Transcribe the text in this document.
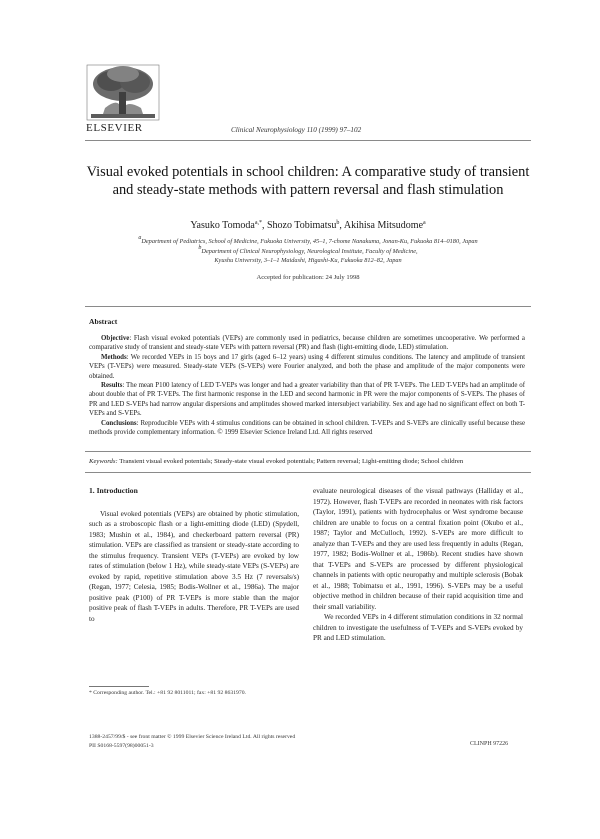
ELSEVIER	Clinical Neurophysiology 110 (1999) 97–102
Visual evoked potentials in school children: A comparative study of transient and steady-state methods with pattern reversal and flash stimulation
Yasuko Tomoda$^{a,*}$, Shozo Tobimatsu$^b$, Akihisa Mitsudome$^a$
$^a$Department of Pediatrics, School of Medicine, Fukuoka University, 45–1, 7-chome Nanakuma, Jonan-Ku, Fukuoka 814–0180, Japan
$^b$Department of Clinical Neurophysiology, Neurological Institute, Faculty of Medicine,
Kyushu University, 3–1–1 Maidashi, Higashi-Ku, Fukuoka 812–82, Japan
Accepted for publication: 24 July 1998
Abstract

Objective: Flash visual evoked potentials (VEPs) are commonly used in pediatrics, because children are sometimes uncooperative. We performed a comparative study of transient and steady-state VEPs with pattern reversal (PR) and flash (light-emitting diode, LED) stimulation.

Methods: We recorded VEPs in 15 boys and 17 girls (aged 6–12 years) using 4 different stimulus conditions. The latency and amplitude of transient VEPs (T-VEPs) were measured. Steady-state VEPs (S-VEPs) were Fourier analyzed, and both the phase and amplitude of the major components were obtained.

Results: The mean P100 latency of LED T-VEPs was longer and had a greater variability than that of PR T-VEPs. The LED T-VEPs had an amplitude of about double that of PR T-VEPs. The first harmonic response in the LED and second harmonic in PR were the major components of S-VEPs. The phases of PR and LED S-VEPs had narrow angular dispersions and amplitudes showed marked intersubject variability. Sex and age had no significant effect on both T-VEPs and S-VEPs.

Conclusions: Reproducible VEPs with 4 stimulus conditions can be obtained in school children. T-VEPs and S-VEPs are clinically useful because these methods provide complementary information. © 1999 Elsevier Science Ireland Ltd. All rights reserved

Keywords: Transient visual evoked potentials; Steady-state visual evoked potentials; Pattern reversal; Light-emitting diode; School children

1. Introduction

Visual evoked potentials (VEPs) are obtained by photic stimulation, such as a stroboscopic flash or a light-emitting diode (LED) (Spydell, 1983; Mushin et al., 1984), and checkerboard pattern reversal (PR) stimulation. VEPs are classified as transient or steady-state according to the stimulus frequency. Transient VEPs (T-VEPs) are evoked by low rates of stimulation (below 1 Hz), while steady-state VEPs (S-VEPs) are evoked by rapid, repetitive stimulation above 3.5 Hz (7 reversals/s) (Regan, 1977; Celesia, 1985; Bodis-Wollner et al., 1986a). The major positive peak (P100) of PR T-VEPs is more stable than the major positive peak of flash T-VEPs in adults. Therefore, PR T-VEPs are used to

evaluate neurological diseases of the visual pathways (Halliday et al., 1972). However, flash T-VEPs are recorded in neonates with risk factors (Taylor, 1991), patients with hydrocephalus or West syndrome because children are unable to focus on a central fixation point (Okubo et al., 1987; Taylor and McCulloch, 1992). S-VEPs are more difficult to analyze than T-VEPs and they are used less frequently in adults (Regan, 1977, 1982; Bodis-Wollner et al., 1986b). Recent studies have shown that T-VEPs and S-VEPs are processed by different physiological channels in patients with optic neuropathy and multiple sclerosis (Bobak et al., 1988; Tobimatsu et al., 1991, 1996). S-VEPs may be a useful objective method in children because of their rapid acquisition time and their small variability.

We recorded VEPs in 4 different stimulation conditions in 32 normal children to investigate the usefulness of T-VEPs and S-VEPs evoked by PR and LED stimulation.

* Corresponding author. Tel.: +81 92 8011011; fax: +81 92 8631970.
1388-2457/99/$ - see front matter © 1999 Elsevier Science Ireland Ltd. All rights reserved
PII S0168-5597(98)00051-3	CLINPH 97226
